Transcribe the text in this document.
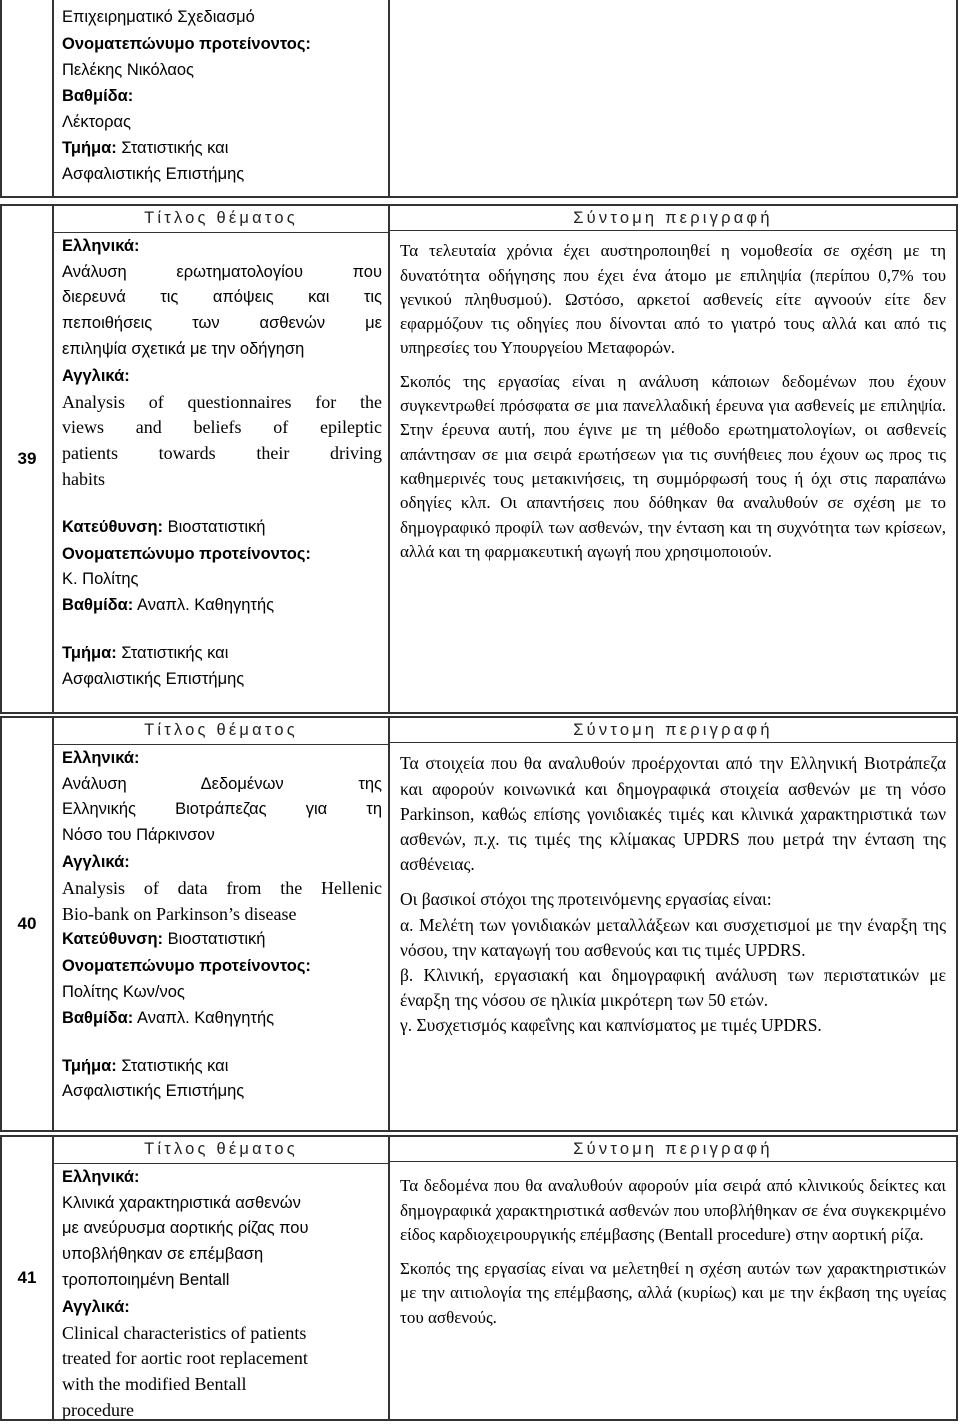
Επιχειρηματικό Σχεδιασμό

Ονοματεπώνυμο προτείνοντος:

Πελέκης Νικόλαος

Βαθμίδα:

Λέκτορας

Τμήμα: Στατιστικής και

Ασφαλιστικής Επιστήμης

39
Τίτλος θέματος

Ελληνικά:

Ανάλυση ερωτηματολογίου που

διερευνά τις απόψεις και τις

πεποιθήσεις των ασθενών με

επιληψία σχετικά με την οδήγηση

Αγγλικά:

Analysis of questionnaires for the

views and beliefs of epileptic

patients towards their driving

habits

Κατεύθυνση: Βιοστατιστική

Ονοματεπώνυμο προτείνοντος:

Κ. Πολίτης

Βαθμίδα: Αναπλ. Καθηγητής

Τμήμα: Στατιστικής και

Ασφαλιστικής Επιστήμης

Σύντομη περιγραφή

Τα τελευταία χρόνια έχει αυστηροποιηθεί η νομοθεσία σε σχέση με τη δυνατότητα οδήγησης που έχει ένα άτομο με επιληψία (περίπου 0,7% του γενικού πληθυσμού). Ωστόσο, αρκετοί ασθενείς είτε αγνοούν είτε δεν εφαρμόζουν τις οδηγίες που δίνονται από το γιατρό τους αλλά και από τις υπηρεσίες του Υπουργείου Μεταφορών.

Σκοπός της εργασίας είναι η ανάλυση κάποιων δεδομένων που έχουν συγκεντρωθεί πρόσφατα σε μια πανελλαδική έρευνα για ασθενείς με επιληψία. Στην έρευνα αυτή, που έγινε με τη μέθοδο ερωτηματολογίων, οι ασθενείς απάντησαν σε μια σειρά ερωτήσεων για τις συνήθειες που έχουν ως προς τις καθημερινές τους μετακινήσεις, τη συμμόρφωσή τους ή όχι στις παραπάνω οδηγίες κλπ. Οι απαντήσεις που δόθηκαν θα αναλυθούν σε σχέση με το δημογραφικό προφίλ των ασθενών, την ένταση και τη συχνότητα των κρίσεων, αλλά και τη φαρμακευτική αγωγή που χρησιμοποιούν.

40
Τίτλος θέματος

Ελληνικά:

Ανάλυση Δεδομένων της

Ελληνικής Βιοτράπεζας για τη

Νόσο του Πάρκινσον

Αγγλικά:

Analysis of data from the Hellenic

Bio-bank on Parkinson’s disease

Κατεύθυνση: Βιοστατιστική

Ονοματεπώνυμο προτείνοντος:

Πολίτης Κων/νος

Βαθμίδα: Αναπλ. Καθηγητής

Τμήμα: Στατιστικής και

Ασφαλιστικής Επιστήμης

Σύντομη περιγραφή

Τα στοιχεία που θα αναλυθούν προέρχονται από την Ελληνική Βιοτράπεζα και αφορούν κοινωνικά και δημογραφικά στοιχεία ασθενών με τη νόσο Parkinson, καθώς επίσης γονιδιακές τιμές και κλινικά χαρακτηριστικά των ασθενών, π.χ. τις τιμές της κλίμακας UPDRS που μετρά την ένταση της ασθένειας.

Οι βασικοί στόχοι της προτεινόμενης εργασίας είναι:

α. Μελέτη των γονιδιακών μεταλλάξεων και συσχετισμοί με την έναρξη της νόσου, την καταγωγή του ασθενούς και τις τιμές UPDRS.

β. Κλινική, εργασιακή και δημογραφική ανάλυση των περιστατικών με έναρξη της νόσου σε ηλικία μικρότερη των 50 ετών.

γ. Συσχετισμός καφεΐνης και καπνίσματος με τιμές UPDRS.

41
Τίτλος θέματος

Ελληνικά:

Κλινικά χαρακτηριστικά ασθενών

με ανεύρυσμα αορτικής ρίζας που

υποβλήθηκαν σε επέμβαση

τροποποιημένη Bentall

Αγγλικά:

Clinical characteristics of patients

treated for aortic root replacement

with the modified Bentall

procedure

Σύντομη περιγραφή

Τα δεδομένα που θα αναλυθούν αφορούν μία σειρά από κλινικούς δείκτες και δημογραφικά χαρακτηριστικά ασθενών που υποβλήθηκαν σε ένα συγκεκριμένο είδος καρδιοχειρουργικής επέμβασης (Bentall procedure) στην αορτική ρίζα.

Σκοπός της εργασίας είναι να μελετηθεί η σχέση αυτών των χαρακτηριστικών με την αιτιολογία της επέμβασης, αλλά (κυρίως) και με την έκβαση της υγείας του ασθενούς.
